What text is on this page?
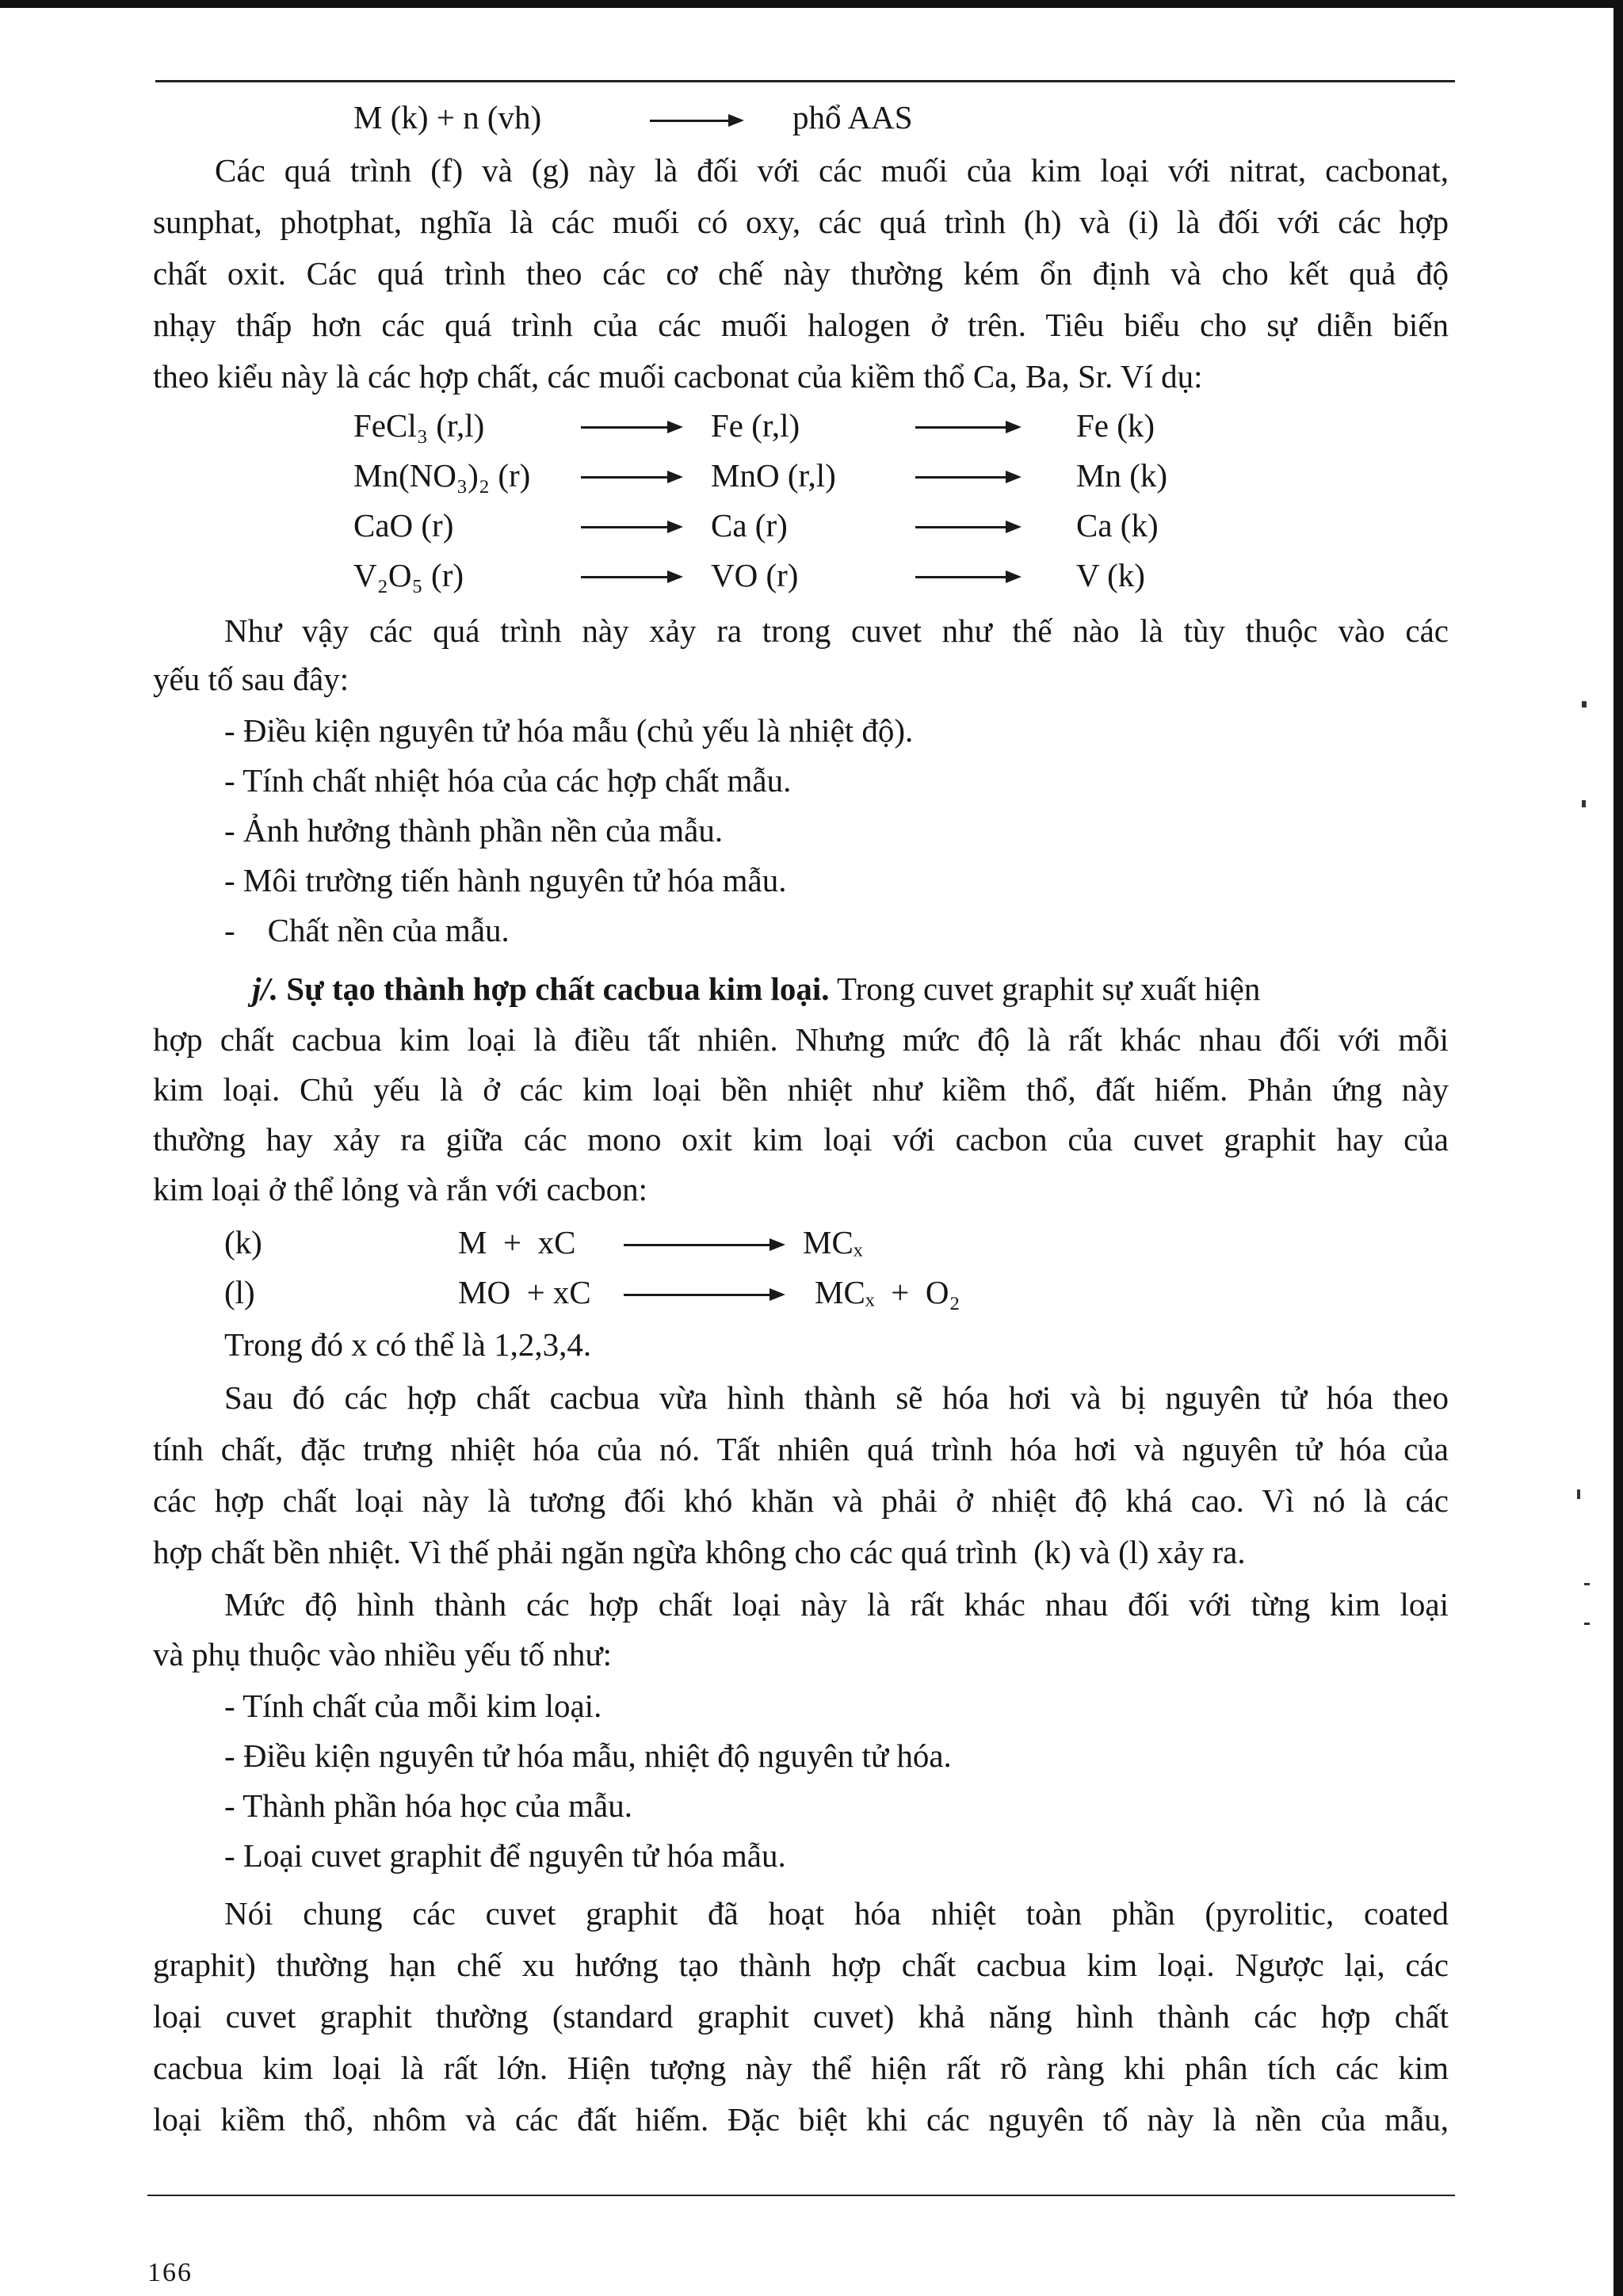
M (k) + n (vh)	phổ AAS
Các quá trình (f) và (g) này là đối với các muối của kim loại với nitrat, cacbonat,
sunphat, photphat, nghĩa là các muối có oxy, các quá trình (h) và (i) là đối với các hợp
chất oxit. Các quá trình theo các cơ chế này thường kém ổn định và cho kết quả độ
nhạy thấp hơn các quá trình của các muối halogen ở trên. Tiêu biểu cho sự diễn biến
theo kiểu này là các hợp chất, các muối cacbonat của kiềm thổ Ca, Ba, Sr. Ví dụ:
FeCl₃ (r,l)	Fe (r,l)	Fe (k)
Mn(NO₃)₂ (r)	MnO (r,l)	Mn (k)
CaO (r)	Ca (r)	Ca (k)
V₂O₅ (r)	VO (r)	V (k)
Như vậy các quá trình này xảy ra trong cuvet như thế nào là tùy thuộc vào các
yếu tố sau đây:
- Điều kiện nguyên tử hóa mẫu (chủ yếu là nhiệt độ).
- Tính chất nhiệt hóa của các hợp chất mẫu.
- Ảnh hưởng thành phần nền của mẫu.
- Môi trường tiến hành nguyên tử hóa mẫu.
-    Chất nền của mẫu.
j/. Sự tạo thành hợp chất cacbua kim loại. Trong cuvet graphit sự xuất hiện
hợp chất cacbua kim loại là điều tất nhiên. Nhưng mức độ là rất khác nhau đối với mỗi
kim loại. Chủ yếu là ở các kim loại bền nhiệt như kiềm thổ, đất hiếm. Phản ứng này
thường hay xảy ra giữa các mono oxit kim loại với cacbon của cuvet graphit hay của
kim loại ở thể lỏng và rắn với cacbon:
(k)	M  +  xC	MCₓ
(l)	MO  + xC	MCₓ  +  O₂
Trong đó x có thể là 1,2,3,4.
Sau đó các hợp chất cacbua vừa hình thành sẽ hóa hơi và bị nguyên tử hóa theo
tính chất, đặc trưng nhiệt hóa của nó. Tất nhiên quá trình hóa hơi và nguyên tử hóa của
các hợp chất loại này là tương đối khó khăn và phải ở nhiệt độ khá cao. Vì nó là các
hợp chất bền nhiệt. Vì thế phải ngăn ngừa không cho các quá trình  (k) và (l) xảy ra.
Mức độ hình thành các hợp chất loại này là rất khác nhau đối với từng kim loại
và phụ thuộc vào nhiều yếu tố như:
- Tính chất của mỗi kim loại.
- Điều kiện nguyên tử hóa mẫu, nhiệt độ nguyên tử hóa.
- Thành phần hóa học của mẫu.
- Loại cuvet graphit để nguyên tử hóa mẫu.
Nói chung các cuvet graphit đã hoạt hóa nhiệt toàn phần (pyrolitic, coated
graphit) thường hạn chế xu hướng tạo thành hợp chất cacbua kim loại. Ngược lại, các
loại cuvet graphit thường (standard graphit cuvet) khả năng hình thành các hợp chất
cacbua kim loại là rất lớn. Hiện tượng này thể hiện rất rõ ràng khi phân tích các kim
loại kiềm thổ, nhôm và các đất hiếm. Đặc biệt khi các nguyên tố này là nền của mẫu,
166
